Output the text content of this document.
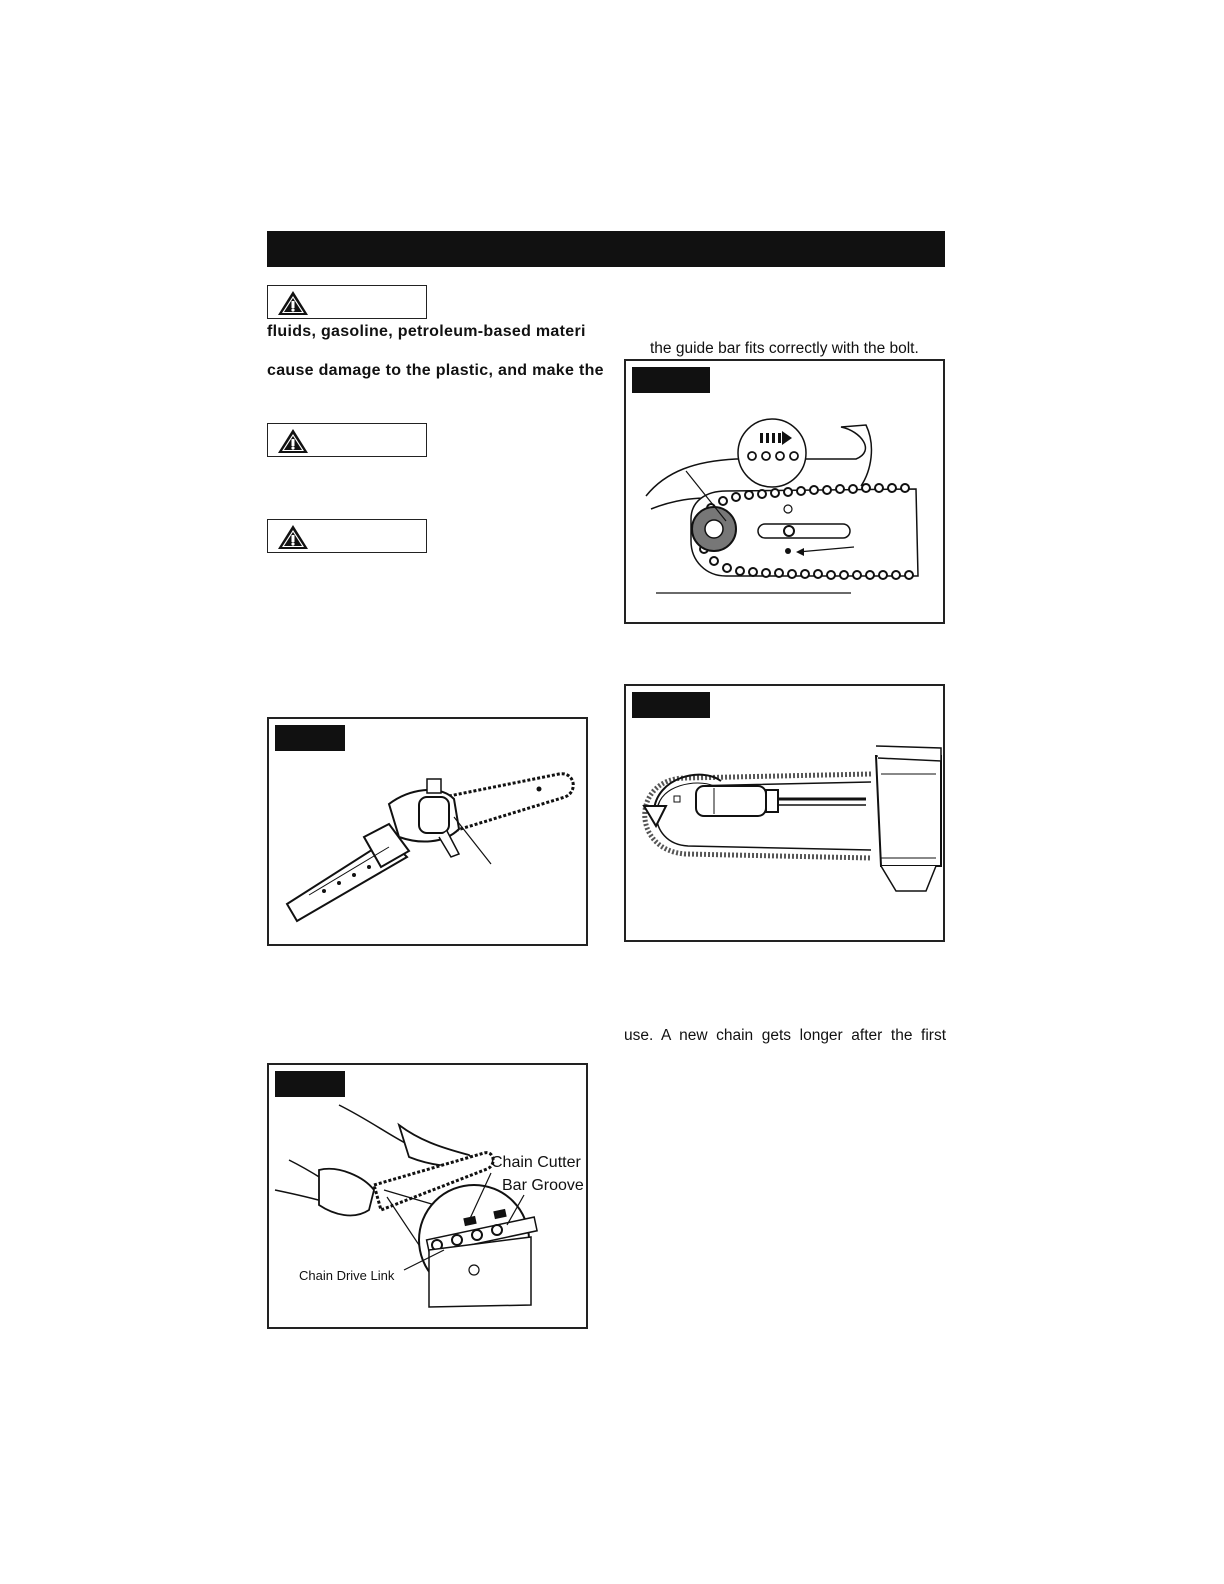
fluids, gasoline, petroleum-based materi
cause damage to the plastic, and make the
the guide bar fits correctly with the bolt.
use. A new chain gets longer after the first
Chain Cutter
Bar Groove
Chain Drive Link
